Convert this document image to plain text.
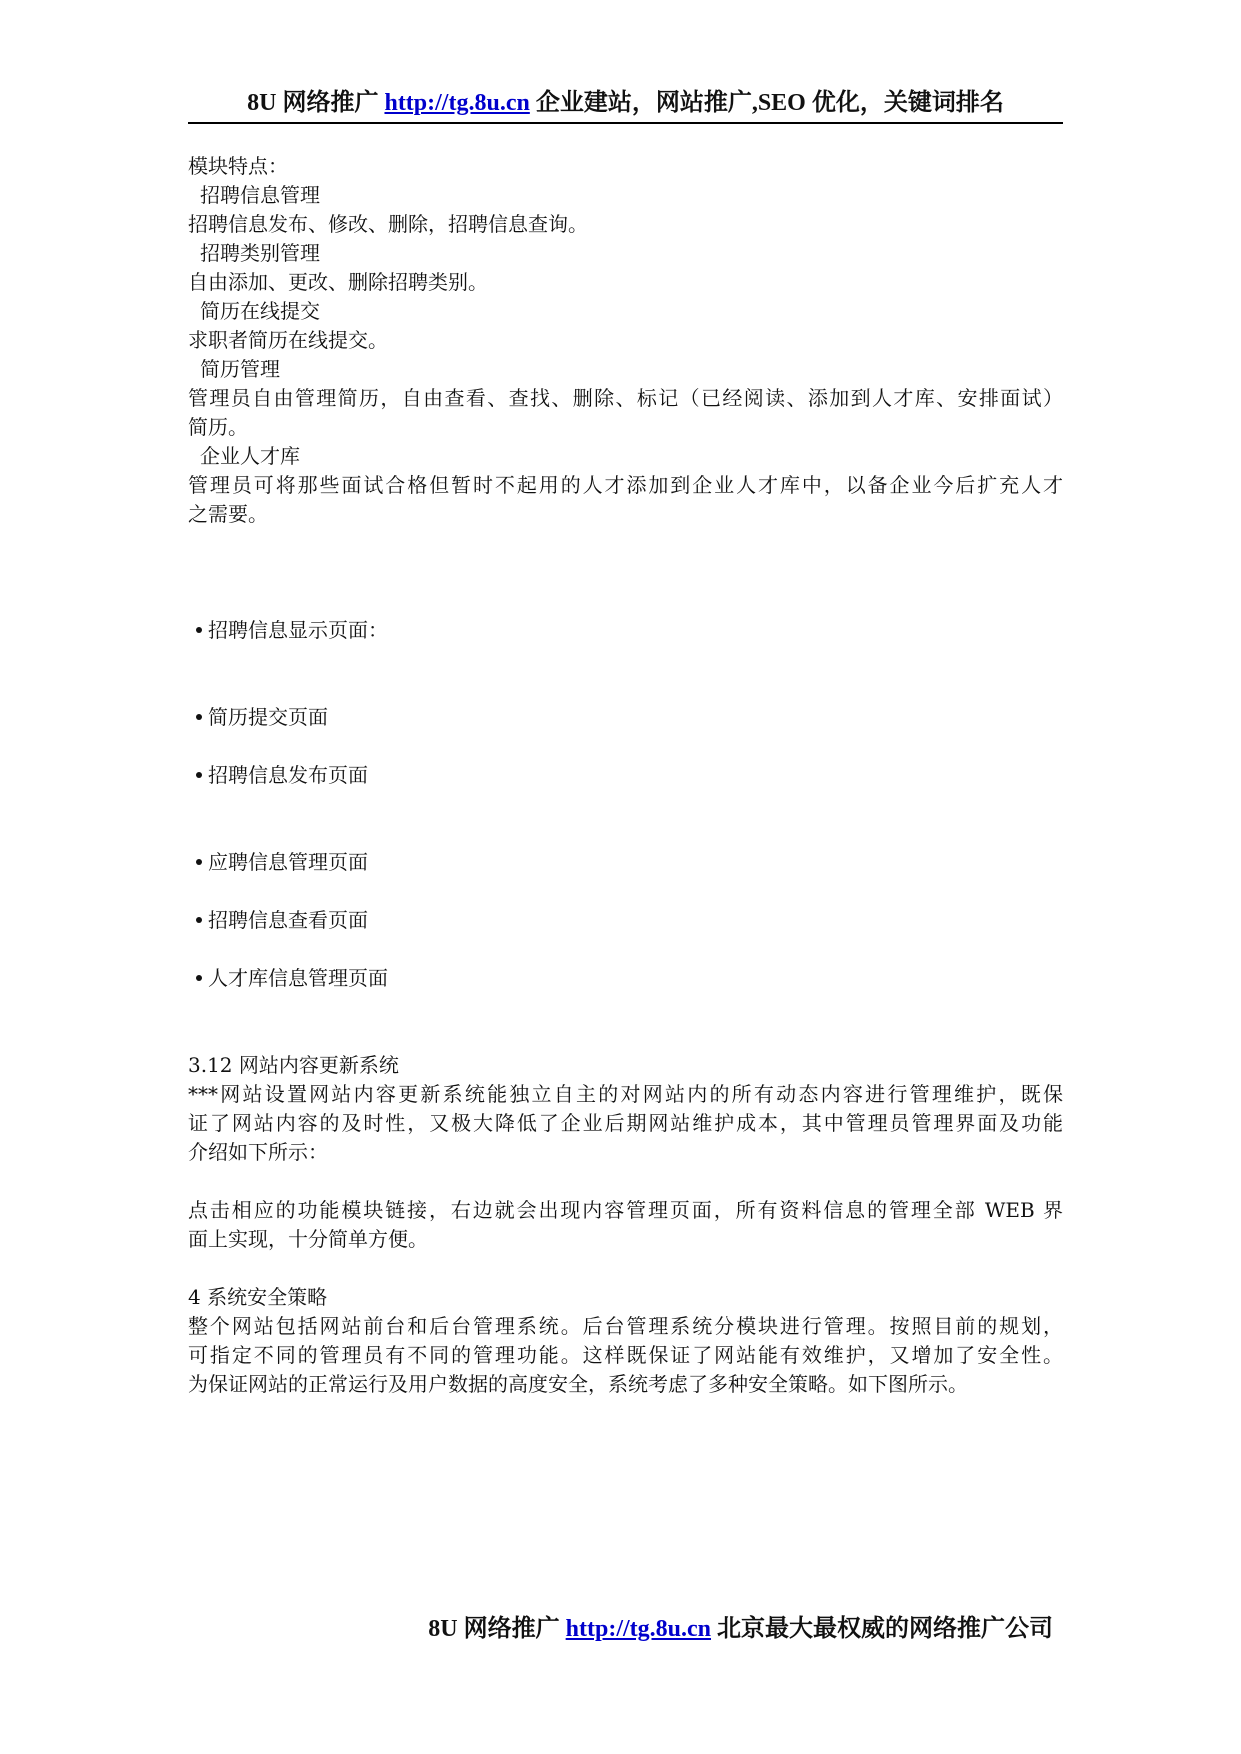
8U 网络推广 http://tg.8u.cn 企业建站，网站推广,SEO 优化，关键词排名
模块特点：
招聘信息管理
招聘信息发布、修改、删除，招聘信息查询。
招聘类别管理
自由添加、更改、删除招聘类别。
简历在线提交
求职者简历在线提交。
简历管理
管理员自由管理简历，自由查看、查找、删除、标记（已经阅读、添加到人才库、安排面试）
简历。
企业人才库
管理员可将那些面试合格但暂时不起用的人才添加到企业人才库中，以备企业今后扩充人才
之需要。
招聘信息显示页面：
简历提交页面
招聘信息发布页面
应聘信息管理页面
招聘信息查看页面
人才库信息管理页面
3.12 网站内容更新系统
***网站设置网站内容更新系统能独立自主的对网站内的所有动态内容进行管理维护，既保
证了网站内容的及时性，又极大降低了企业后期网站维护成本，其中管理员管理界面及功能
介绍如下所示：
点击相应的功能模块链接，右边就会出现内容管理页面，所有资料信息的管理全部 WEB 界
面上实现，十分简单方便。
4 系统安全策略
整个网站包括网站前台和后台管理系统。后台管理系统分模块进行管理。按照目前的规划，
可指定不同的管理员有不同的管理功能。这样既保证了网站能有效维护，又增加了安全性。
为保证网站的正常运行及用户数据的高度安全，系统考虑了多种安全策略。如下图所示。
8U 网络推广 http://tg.8u.cn 北京最大最权威的网络推广公司
